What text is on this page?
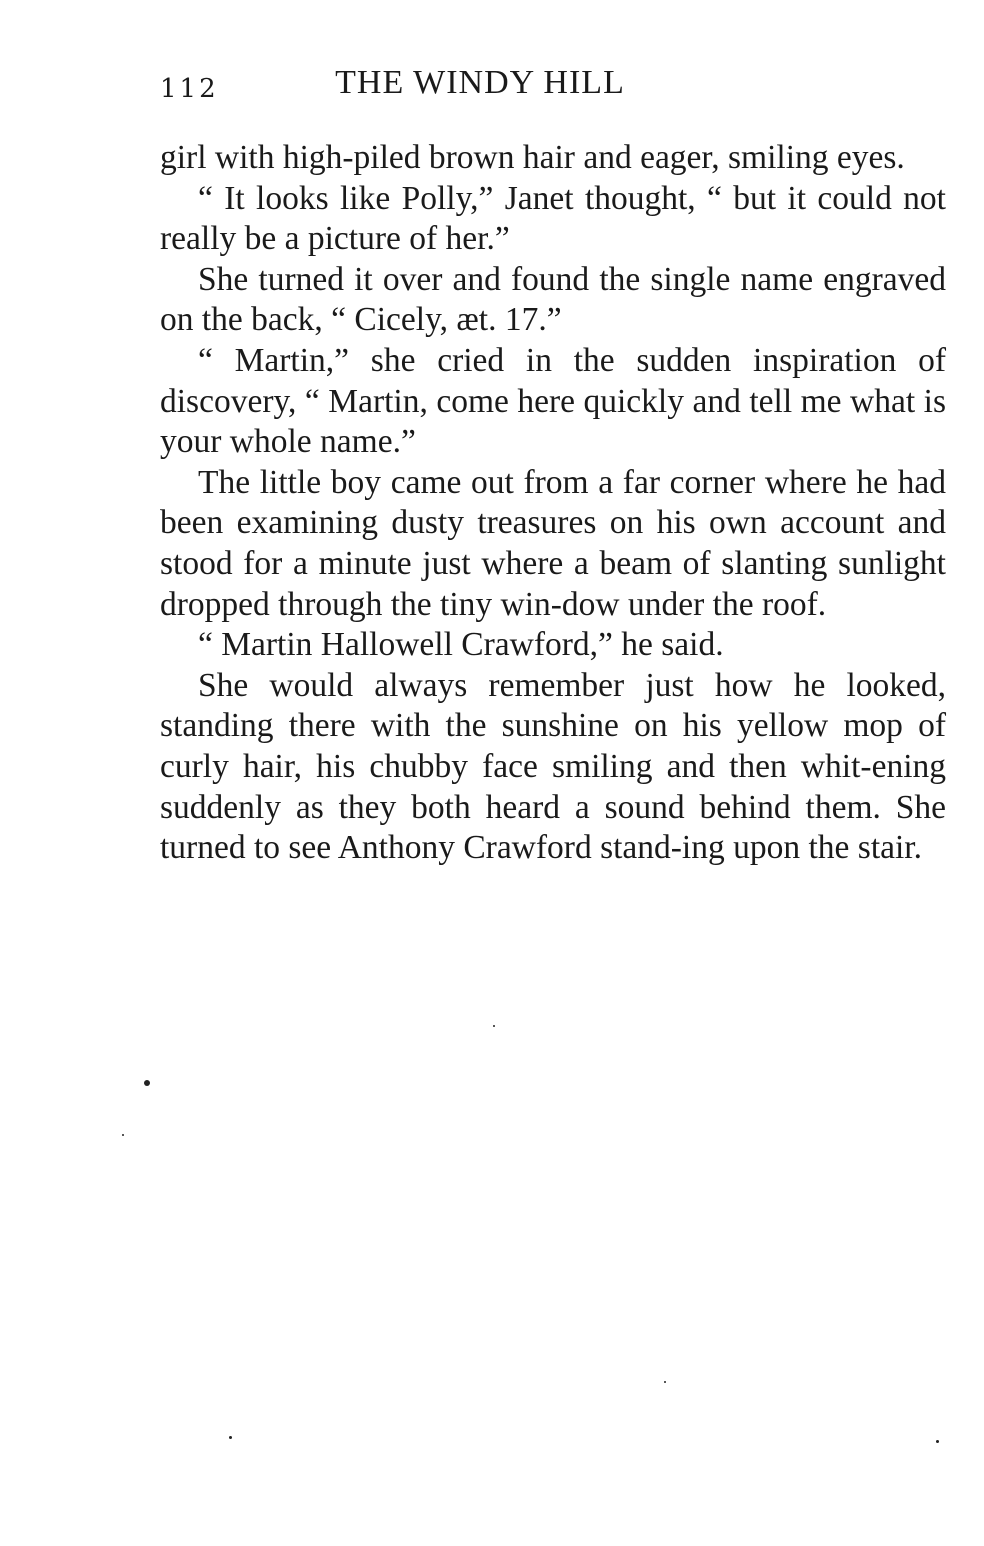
112	THE WINDY HILL

girl with high-piled brown hair and eager, smiling eyes.

“ It looks like Polly,” Janet thought, “ but it could not really be a picture of her.”

She turned it over and found the single name engraved on the back, “ Cicely, æt. 17.”

“ Martin,” she cried in the sudden inspiration of discovery, “ Martin, come here quickly and tell me what is your whole name.”

The little boy came out from a far corner where he had been examining dusty treasures on his own account and stood for a minute just where a beam of slanting sunlight dropped through the tiny win-dow under the roof.

“ Martin Hallowell Crawford,” he said.

She would always remember just how he looked, standing there with the sunshine on his yellow mop of curly hair, his chubby face smiling and then whit-ening suddenly as they both heard a sound behind them. She turned to see Anthony Crawford stand-ing upon the stair.
